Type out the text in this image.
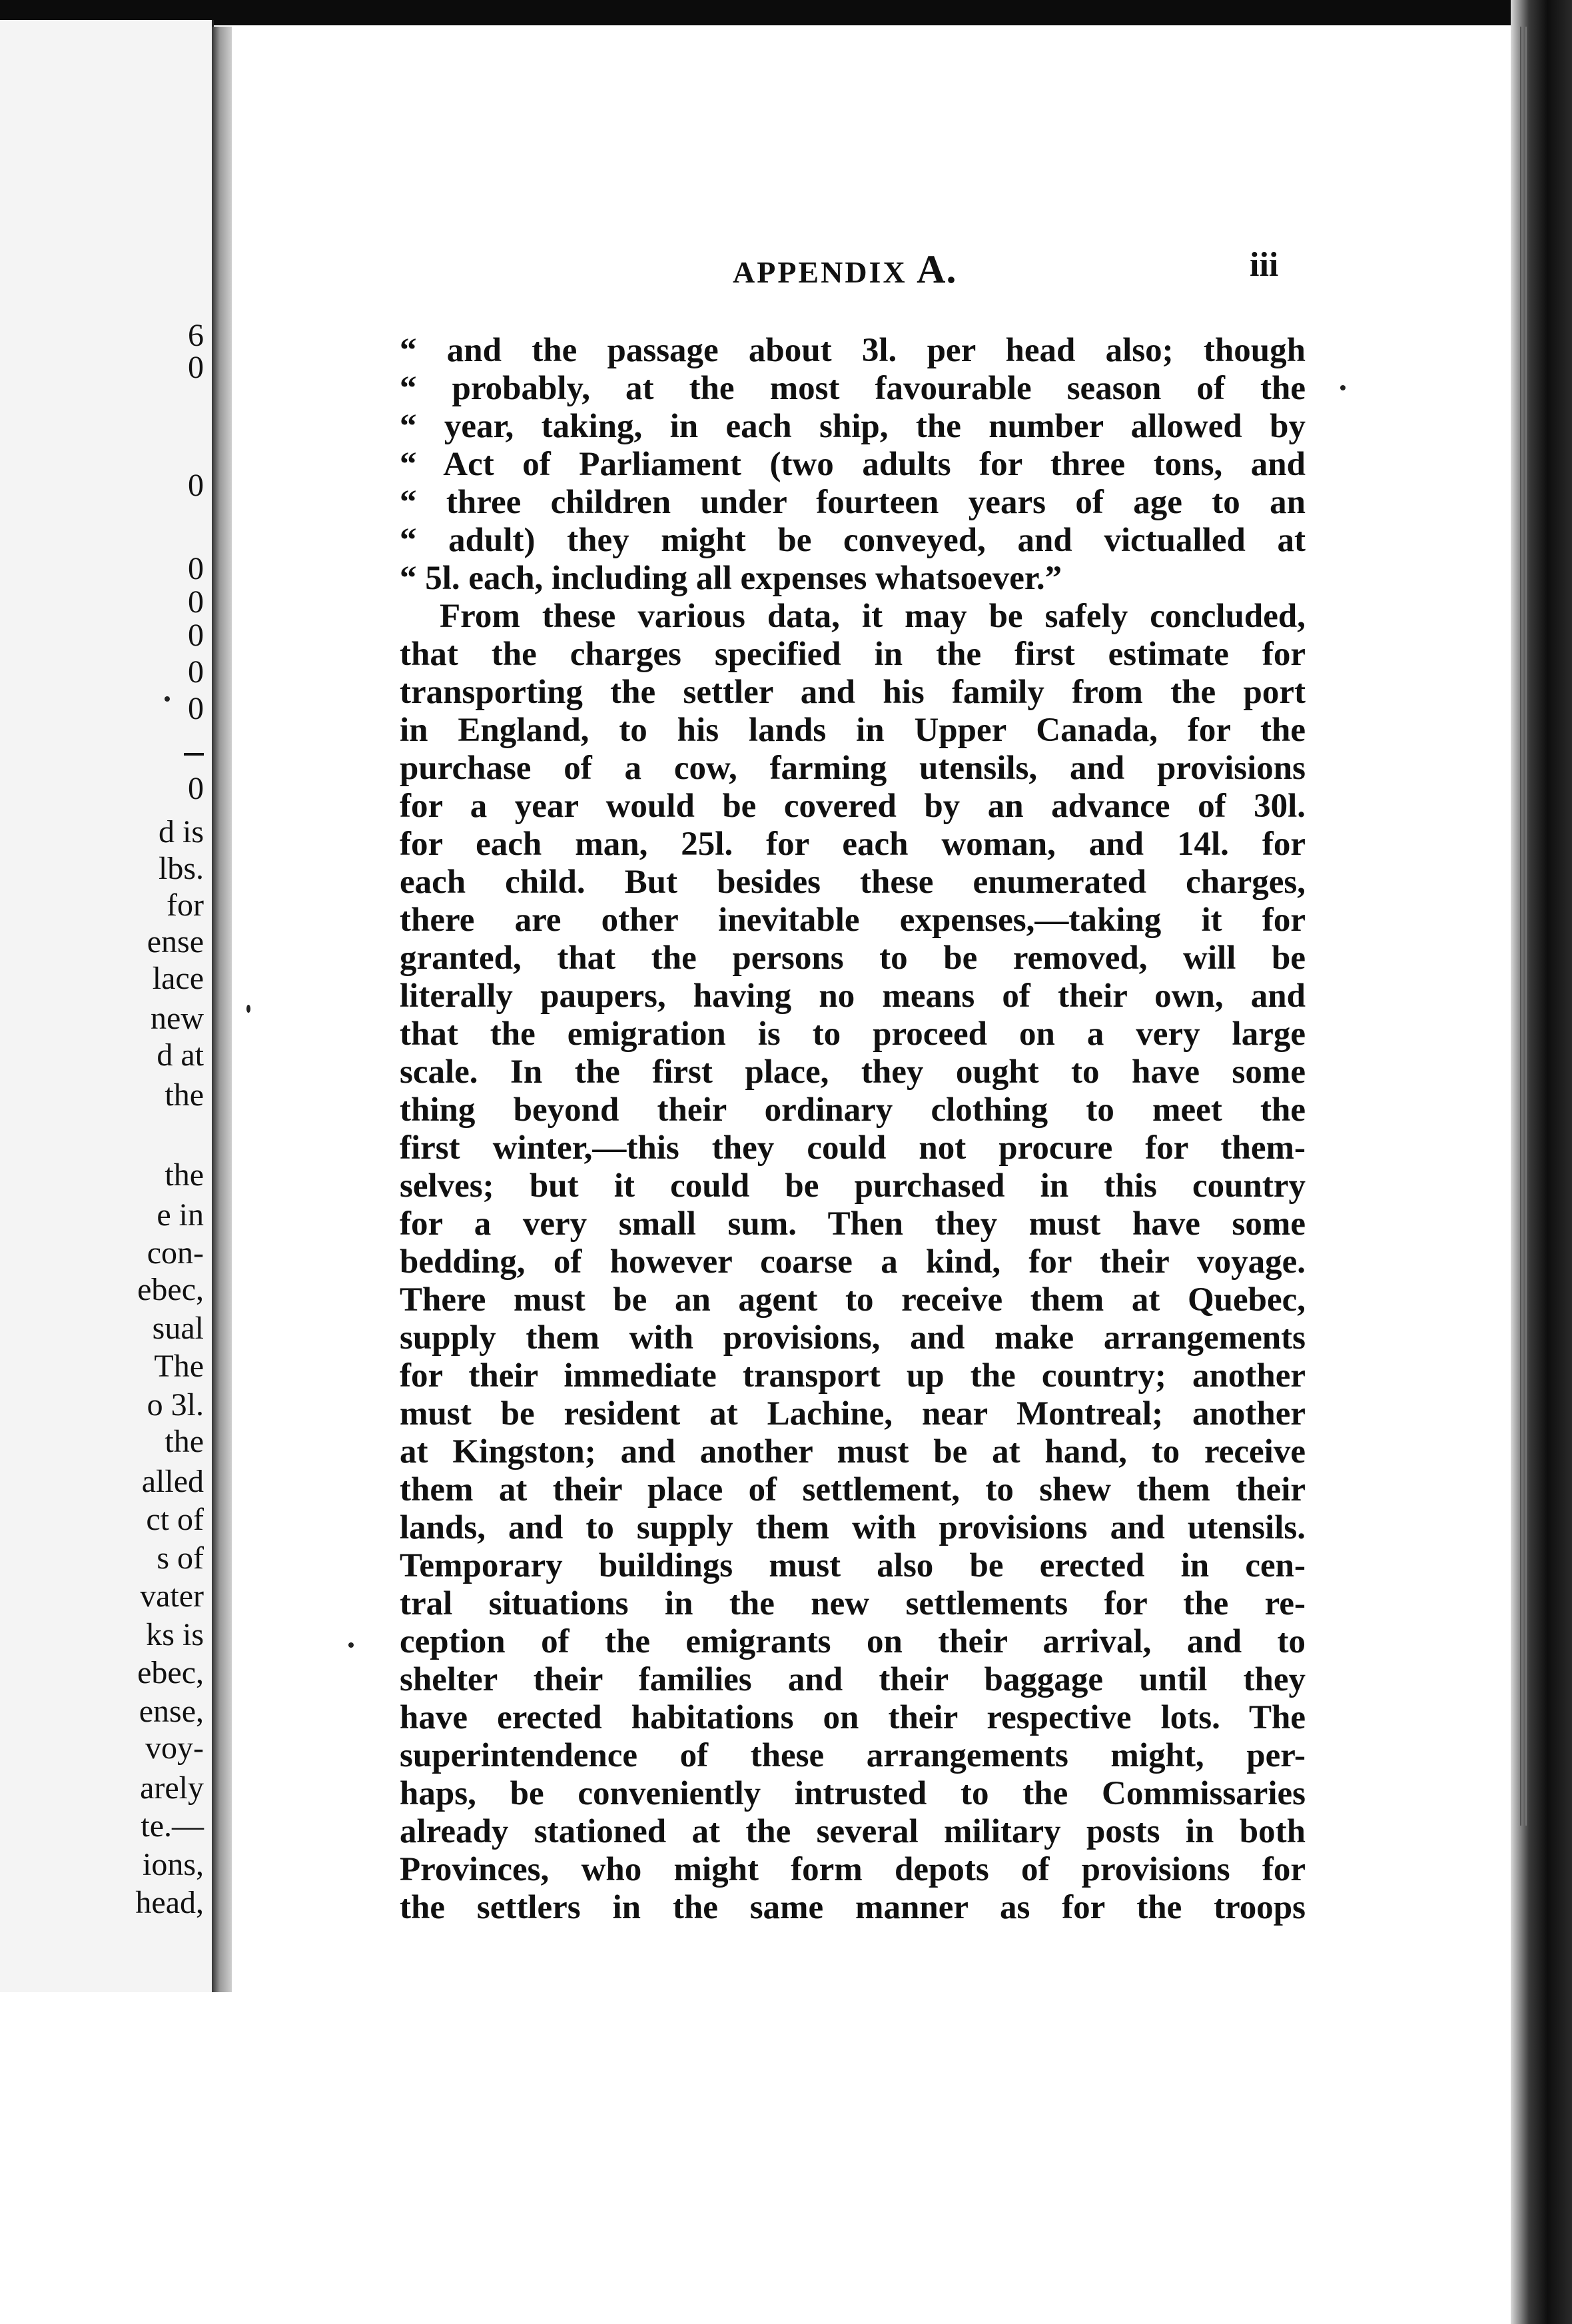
6
0
0
0
0
0
0
0
0
d is
lbs.
for
ense
lace
new
d at
the
the
e in
con-
ebec,
sual
The
o 3l.
the
alled
ct of
s of
vater
ks is
ebec,
ense,
voy-
arely
te.—
ions,
head,
APPENDIX A.	iii
“ and the passage about 3l. per head also; though
“ probably, at the most favourable season of the
“ year, taking, in each ship, the number allowed by
“ Act of Parliament (two adults for three tons, and
“ three children under fourteen years of age to an
“ adult) they might be conveyed, and victualled at
“ 5l. each, including all expenses whatsoever.”
From these various data, it may be safely concluded,
that the charges specified in the first estimate for
transporting the settler and his family from the port
in England, to his lands in Upper Canada, for the
purchase of a cow, farming utensils, and provisions
for a year would be covered by an advance of 30l.
for each man, 25l. for each woman, and 14l. for
each child. But besides these enumerated charges,
there are other inevitable expenses,—taking it for
granted, that the persons to be removed, will be
literally paupers, having no means of their own, and
that the emigration is to proceed on a very large
scale. In the first place, they ought to have some
thing beyond their ordinary clothing to meet the
first winter,—this they could not procure for them-
selves; but it could be purchased in this country
for a very small sum. Then they must have some
bedding, of however coarse a kind, for their voyage.
There must be an agent to receive them at Quebec,
supply them with provisions, and make arrangements
for their immediate transport up the country; another
must be resident at Lachine, near Montreal; another
at Kingston; and another must be at hand, to receive
them at their place of settlement, to shew them their
lands, and to supply them with provisions and utensils.
Temporary buildings must also be erected in cen-
tral situations in the new settlements for the re-
ception of the emigrants on their arrival, and to
shelter their families and their baggage until they
have erected habitations on their respective lots. The
superintendence of these arrangements might, per-
haps, be conveniently intrusted to the Commissaries
already stationed at the several military posts in both
Provinces, who might form depots of provisions for
the settlers in the same manner as for the troops
